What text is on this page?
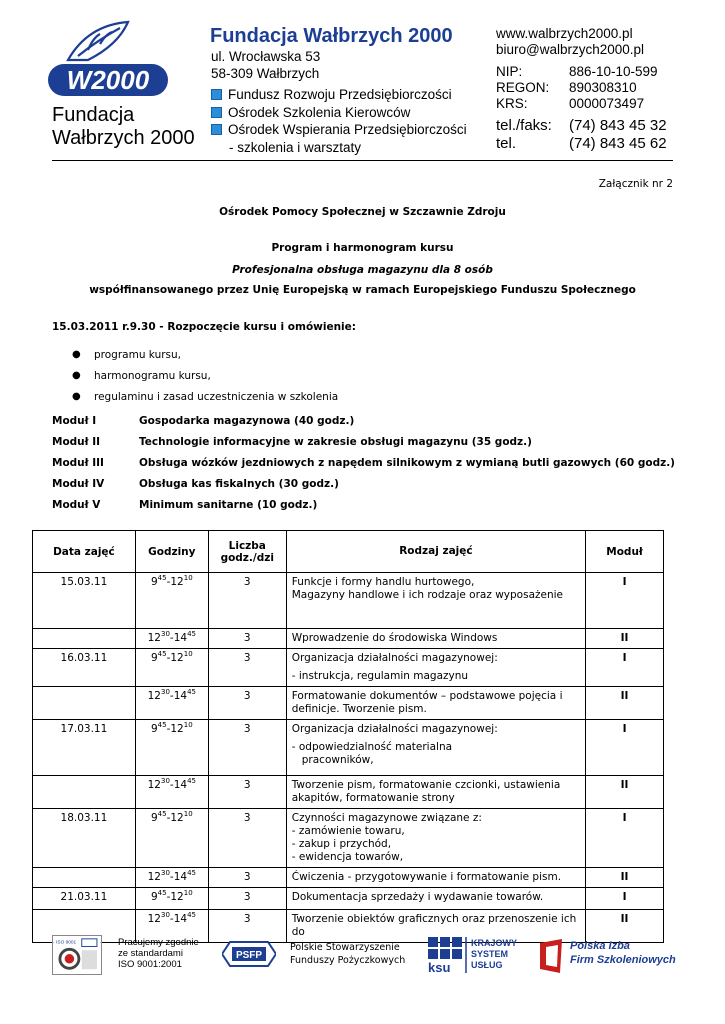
W2000
Fundacja
Wałbrzych 2000
Fundacja Wałbrzych 2000
ul. Wrocławska 53
58-309 Wałbrzych
Fundusz Rozwoju Przedsiębiorczości
Ośrodek Szkolenia Kierowców
Ośrodek Wspierania Przedsiębiorczości
- szkolenia i warsztaty
www.walbrzych2000.pl
biuro@walbrzych2000.pl
NIP:	886-10-10-599
REGON:	890308310
KRS:	0000073497
tel./faks:	(74) 843 45 32
tel.	(74) 843 45 62
Załącznik nr 2
Ośrodek Pomocy Społecznej w Szczawnie Zdroju
Program i harmonogram kursu
Profesjonalna obsługa magazynu dla 8 osób
współfinansowanego przez Unię Europejską w ramach Europejskiego Funduszu Społecznego
15.03.2011 r.9.30 - Rozpoczęcie kursu i omówienie:
●	programu kursu,
●	harmonogramu kursu,
●	regulaminu i zasad uczestniczenia w szkolenia
Moduł I	Gospodarka magazynowa (40 godz.)
Moduł II	Technologie informacyjne w zakresie obsługi magazynu (35 godz.)
Moduł III	Obsługa wózków jezdniowych z napędem silnikowym z wymianą butli gazowych (60 godz.)
Moduł IV	Obsługa kas fiskalnych (30 godz.)
Moduł V	Minimum sanitarne (10 godz.)
Data zajęć	Godziny	Liczba godz./dzi	Rodzaj zajęć	Moduł
15.03.11	$9^{45}-12^{10}$	3	Funkcje i formy handlu hurtowego,
Magazyny handlowe i ich rodzaje oraz wyposażenie	I
	$12^{30}-14^{45}$	3	Wprowadzenie do środowiska Windows	II
16.03.11	$9^{45}-12^{10}$	3	Organizacja działalności magazynowej:
- instrukcja, regulamin magazynu	I
	$12^{30}-14^{45}$	3	Formatowanie dokumentów – podstawowe pojęcia i
definicje. Tworzenie pism.	II
17.03.11	$9^{45}-12^{10}$	3	Organizacja działalności magazynowej:
- odpowiedzialność materialna
pracowników,	I
	$12^{30}-14^{45}$	3	Tworzenie pism, formatowanie czcionki, ustawienia
akapitów, formatowanie strony	II
18.03.11	$9^{45}-12^{10}$	3	Czynności magazynowe związane z:
- zamówienie towaru,
- zakup i przychód,
- ewidencja towarów,	I
	$12^{30}-14^{45}$	3	Ćwiczenia - przygotowywanie i formatowanie pism.	II
21.03.11	$9^{45}-12^{10}$	3	Dokumentacja sprzedaży i wydawanie towarów.	I
	$12^{30}-14^{45}$	3	Tworzenie obiektów graficznych oraz przenoszenie ich do	II
ISO 9001	Pracujemy zgodnie
ze standardami
ISO 9001:2001
PSFP
Polskie Stowarzyszenie
Funduszy Pożyczkowych ksu
KRAJOWY
SYSTEM
USŁUG
Polska Izba
Firm Szkoleniowych
